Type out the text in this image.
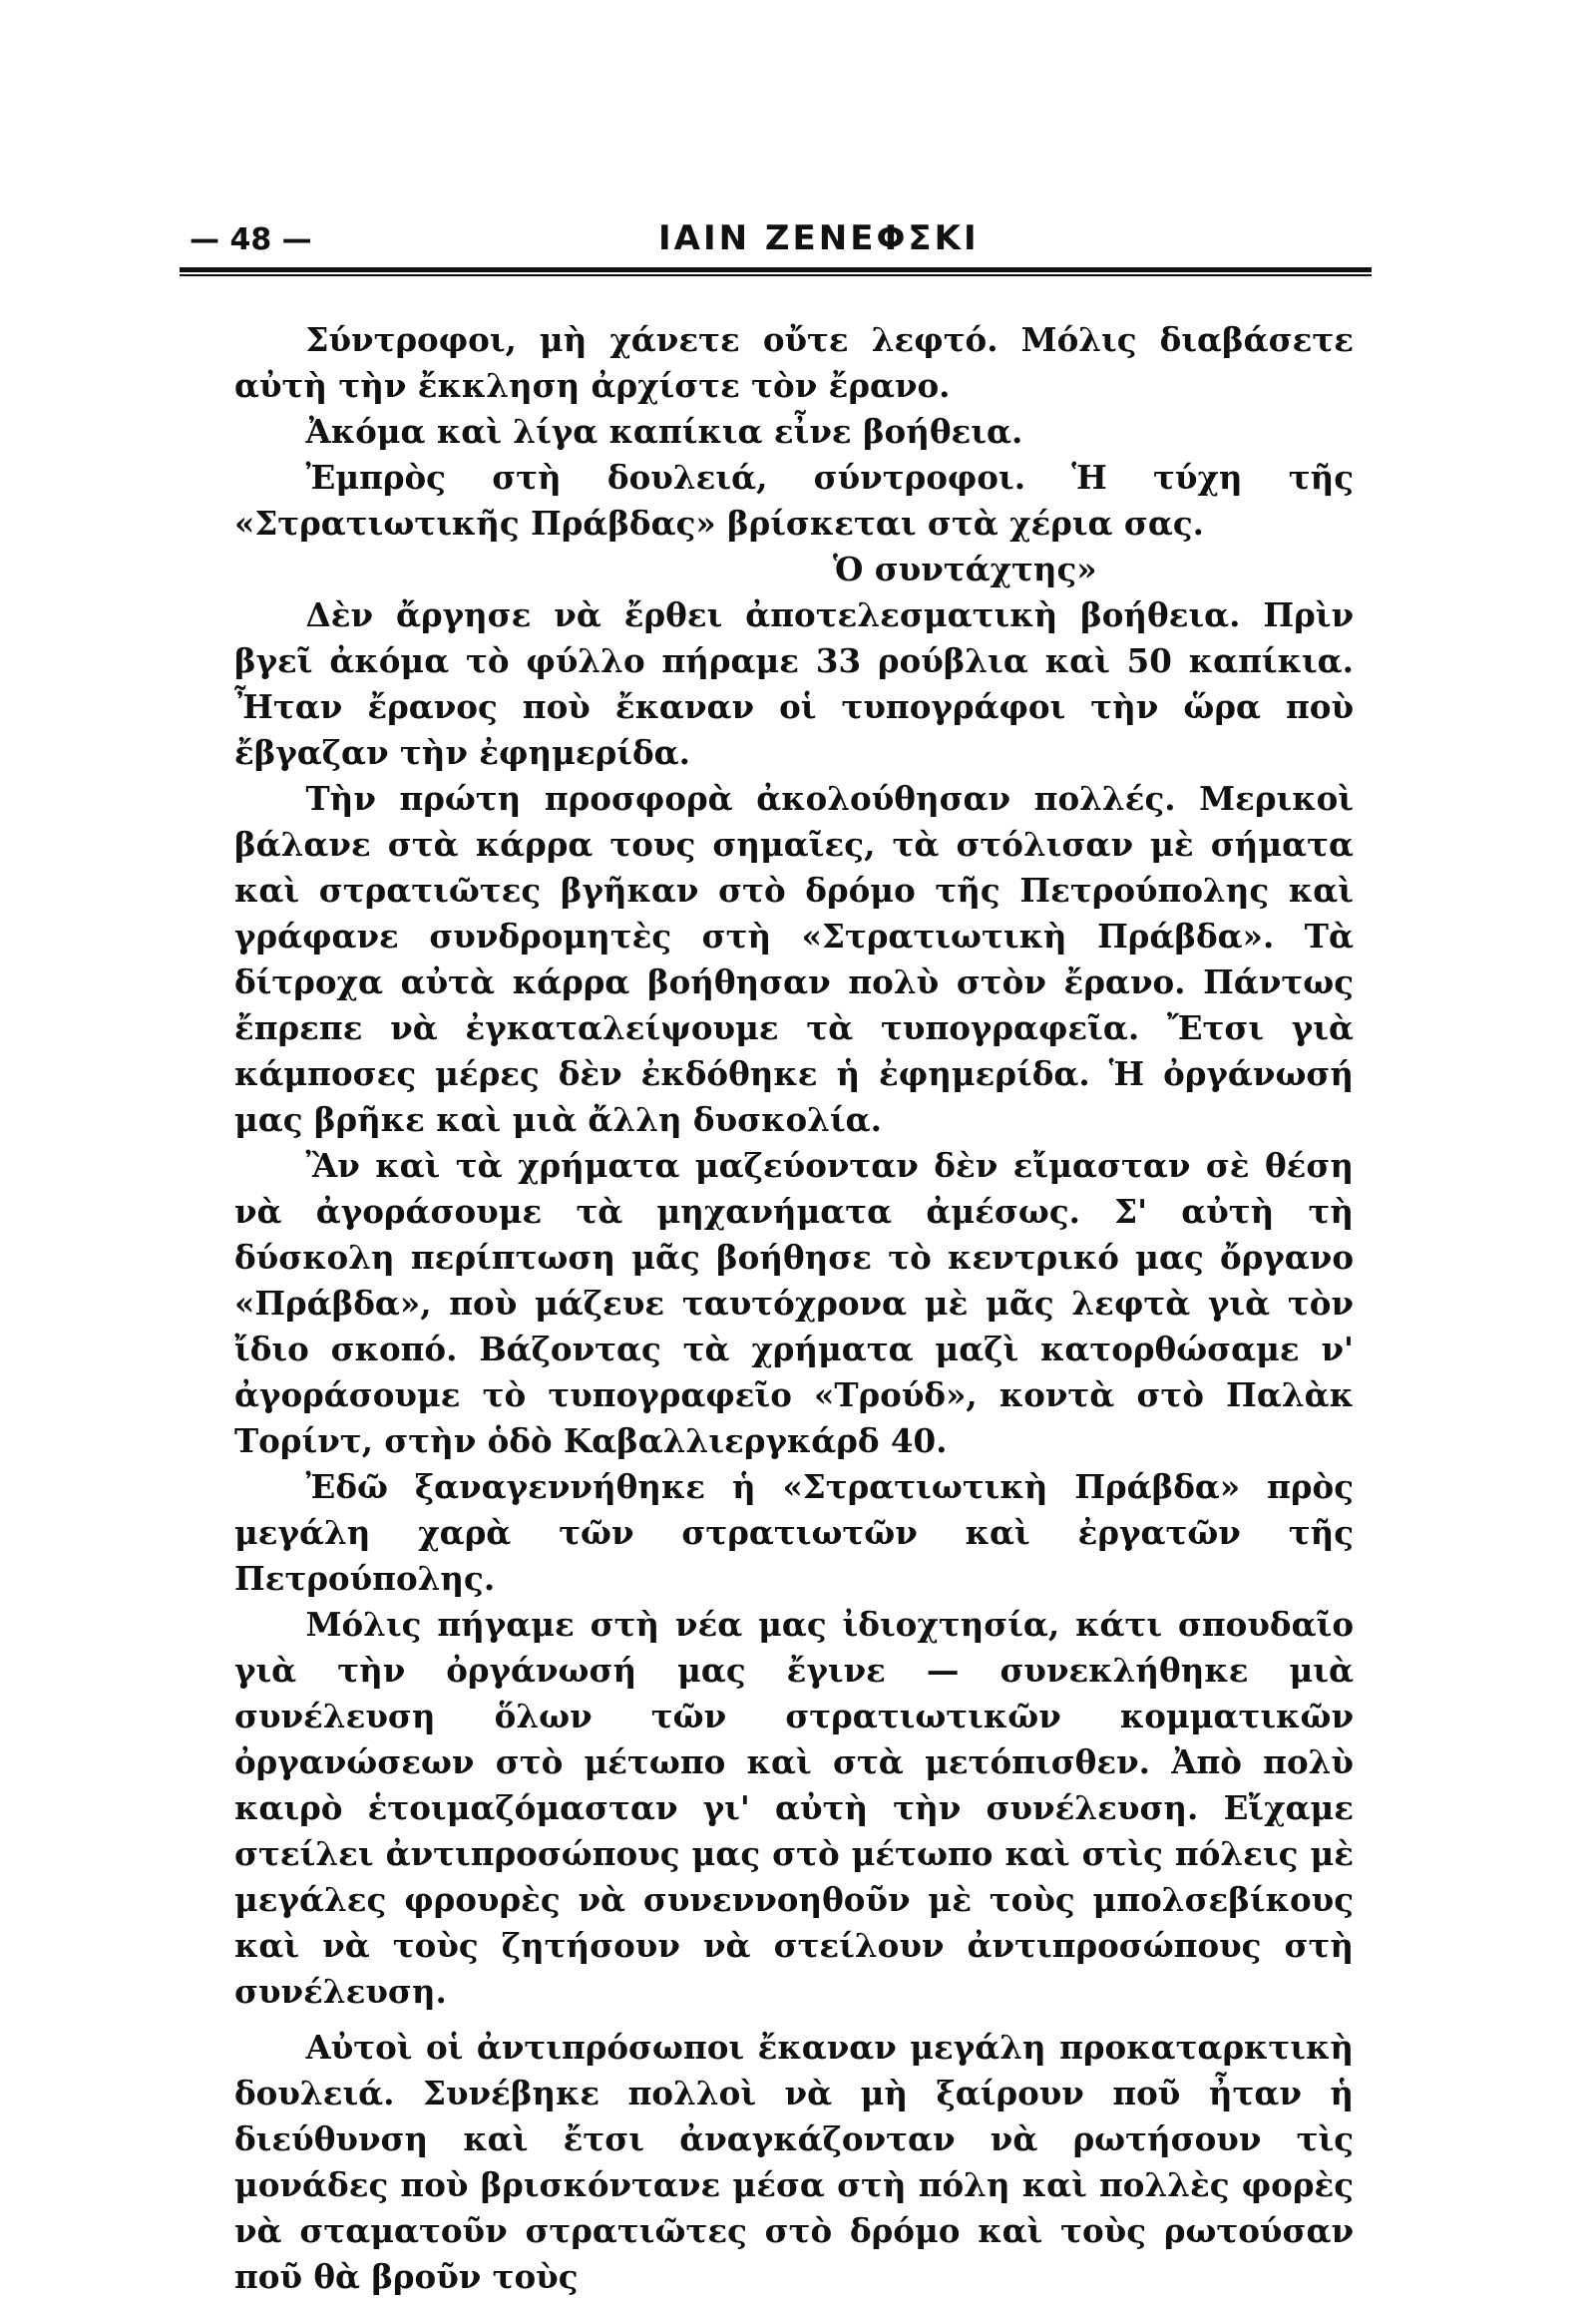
— 48 —	ΙΑΙΝ ΖΕΝΕΦΣΚΙ

Σύντροφοι, μὴ χάνετε οὔτε λεφτό. Μόλις διαβάσετε αὐτὴ τὴν ἔκκληση ἀρχίστε τὸν ἔρανο.

Ἀκόμα καὶ λίγα καπίκια εἶνε βοήθεια.

Ἐμπρὸς στὴ δουλειά, σύντροφοι. Ἡ τύχη τῆς «Στρατιωτικῆς Πράβδας» βρίσκεται στὰ χέρια σας.

Ὁ συντάχτης»

Δὲν ἄργησε νὰ ἔρθει ἀποτελεσματικὴ βοήθεια. Πρὶν βγεῖ ἀκόμα τὸ φύλλο πήραμε 33 ρούβλια καὶ 50 καπίκια. Ἦταν ἔρανος ποὺ ἔκαναν οἱ τυπογράφοι τὴν ὥρα ποὺ ἔβγαζαν τὴν ἐφημερίδα.

Τὴν πρώτη προσφορὰ ἀκολούθησαν πολλές. Μερικοὶ βάλανε στὰ κάρρα τους σημαῖες, τὰ στόλισαν μὲ σήματα καὶ στρατιῶτες βγῆκαν στὸ δρόμο τῆς Πετρούπολης καὶ γράφανε συνδρομητὲς στὴ «Στρατιωτικὴ Πράβδα». Τὰ δίτροχα αὐτὰ κάρρα βοήθησαν πολὺ στὸν ἔρανο. Πάντως ἔπρεπε νὰ ἐγκαταλείψουμε τὰ τυπογραφεῖα. Ἔτσι γιὰ κάμποσες μέρες δὲν ἐκδόθηκε ἡ ἐφημερίδα. Ἡ ὀργάνωσή μας βρῆκε καὶ μιὰ ἄλλη δυσκολία.

Ἂν καὶ τὰ χρήματα μαζεύονταν δὲν εἴμασταν σὲ θέση νὰ ἀγοράσουμε τὰ μηχανήματα ἀμέσως. Σ' αὐτὴ τὴ δύσκολη περίπτωση μᾶς βοήθησε τὸ κεντρικό μας ὄργανο «Πράβδα», ποὺ μάζευε ταυτόχρονα μὲ μᾶς λεφτὰ γιὰ τὸν ἴδιο σκοπό. Βάζοντας τὰ χρήματα μαζὶ κατορθώσαμε ν' ἀγοράσουμε τὸ τυπογραφεῖο «Τρούδ», κοντὰ στὸ Παλὰκ Τορίντ, στὴν ὁδὸ Καβαλλιεργκάρδ 40.

Ἐδῶ ξαναγεννήθηκε ἡ «Στρατιωτικὴ Πράβδα» πρὸς μεγάλη χαρὰ τῶν στρατιωτῶν καὶ ἐργατῶν τῆς Πετρούπολης.

Μόλις πήγαμε στὴ νέα μας ἰδιοχτησία, κάτι σπουδαῖο γιὰ τὴν ὀργάνωσή μας ἔγινε — συνεκλήθηκε μιὰ συνέλευση ὅλων τῶν στρατιωτικῶν κομματικῶν ὀργανώσεων στὸ μέτωπο καὶ στὰ μετόπισθεν. Ἀπὸ πολὺ καιρὸ ἑτοιμαζόμασταν γι' αὐτὴ τὴν συνέλευση. Εἴχαμε στείλει ἀντιπροσώπους μας στὸ μέτωπο καὶ στὶς πόλεις μὲ μεγάλες φρουρὲς νὰ συνεννοηθοῦν μὲ τοὺς μπολσεβίκους καὶ νὰ τοὺς ζητήσουν νὰ στείλουν ἀντιπροσώπους στὴ συνέλευση.

Αὐτοὶ οἱ ἀντιπρόσωποι ἔκαναν μεγάλη προκαταρκτικὴ δουλειά. Συνέβηκε πολλοὶ νὰ μὴ ξαίρουν ποῦ ἦταν ἡ διεύθυνση καὶ ἔτσι ἀναγκάζονταν νὰ ρωτήσουν τὶς μονάδες ποὺ βρισκόντανε μέσα στὴ πόλη καὶ πολλὲς φορὲς νὰ σταματοῦν στρατιῶτες στὸ δρόμο καὶ τοὺς ρωτούσαν ποῦ θὰ βροῦν τοὺς
